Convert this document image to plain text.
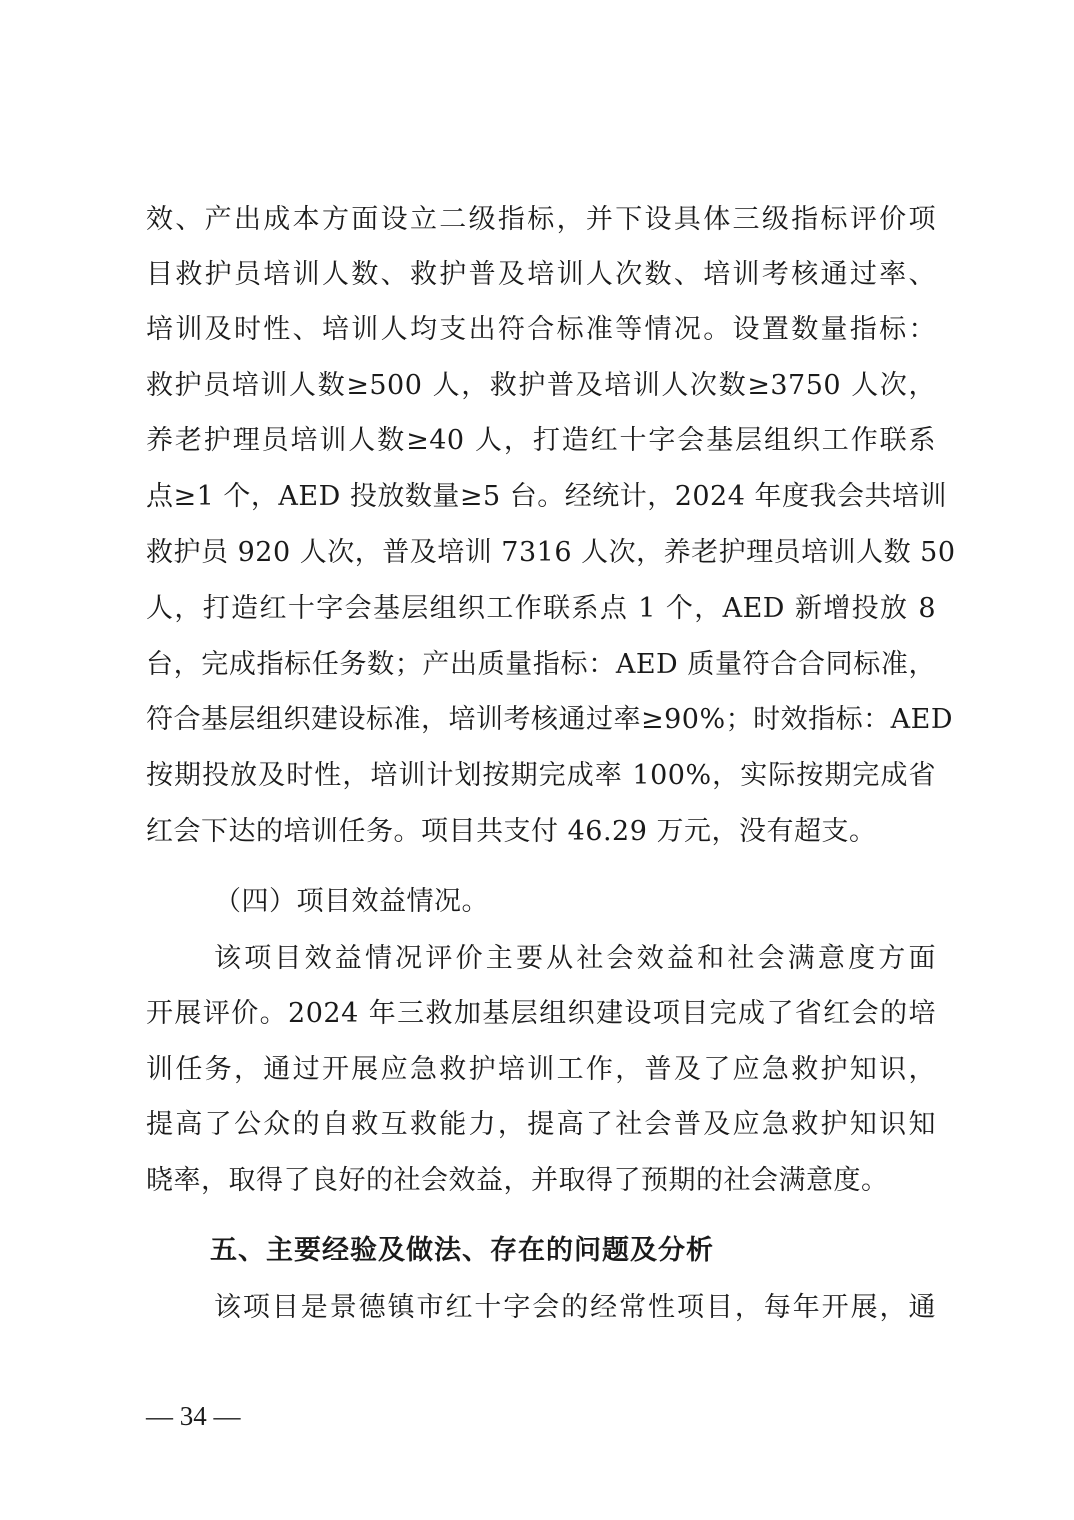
效、产出成本方面设立二级指标，并下设具体三级指标评价项
目救护员培训人数、救护普及培训人次数、培训考核通过率、
培训及时性、培训人均支出符合标准等情况。设置数量指标：
救护员培训人数≥500 人，救护普及培训人次数≥3750 人次，
养老护理员培训人数≥40 人，打造红十字会基层组织工作联系
点≥1 个，AED 投放数量≥5 台。经统计，2024 年度我会共培训
救护员 920 人次，普及培训 7316 人次，养老护理员培训人数 50
人，打造红十字会基层组织工作联系点 1 个，AED 新增投放 8
台，完成指标任务数；产出质量指标：AED 质量符合合同标准，
符合基层组织建设标准，培训考核通过率≥90%；时效指标：AED
按期投放及时性，培训计划按期完成率 100%，实际按期完成省
红会下达的培训任务。项目共支付 46.29 万元，没有超支。
（四）项目效益情况。
该项目效益情况评价主要从社会效益和社会满意度方面
开展评价。2024 年三救加基层组织建设项目完成了省红会的培
训任务，通过开展应急救护培训工作，普及了应急救护知识，
提高了公众的自救互救能力，提高了社会普及应急救护知识知
晓率，取得了良好的社会效益，并取得了预期的社会满意度。
五、主要经验及做法、存在的问题及分析
该项目是景德镇市红十字会的经常性项目，每年开展，通
— 34 —
